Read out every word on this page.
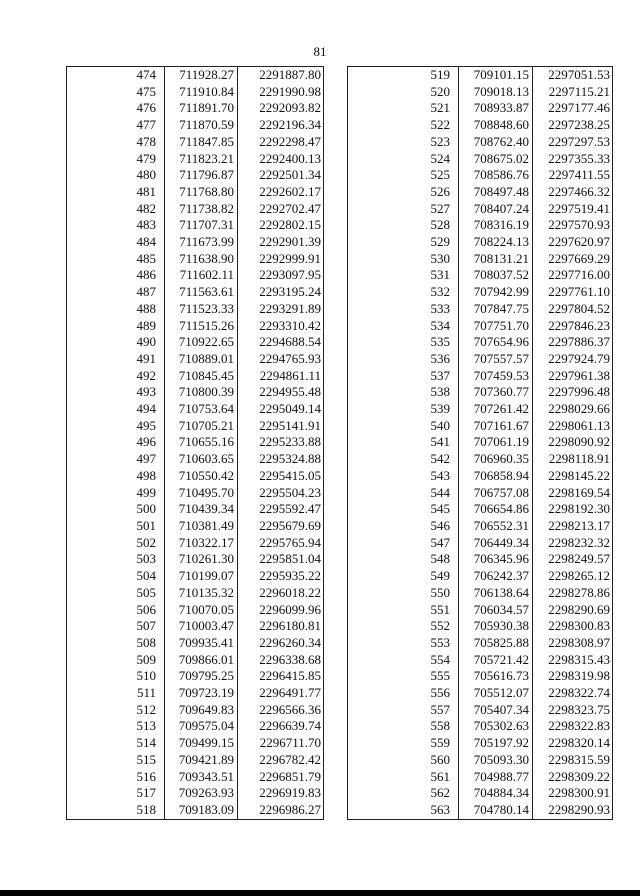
81
474	711928.27	2291887.80
475	711910.84	2291990.98
476	711891.70	2292093.82
477	711870.59	2292196.34
478	711847.85	2292298.47
479	711823.21	2292400.13
480	711796.87	2292501.34
481	711768.80	2292602.17
482	711738.82	2292702.47
483	711707.31	2292802.15
484	711673.99	2292901.39
485	711638.90	2292999.91
486	711602.11	2293097.95
487	711563.61	2293195.24
488	711523.33	2293291.89
489	711515.26	2293310.42
490	710922.65	2294688.54
491	710889.01	2294765.93
492	710845.45	2294861.11
493	710800.39	2294955.48
494	710753.64	2295049.14
495	710705.21	2295141.91
496	710655.16	2295233.88
497	710603.65	2295324.88
498	710550.42	2295415.05
499	710495.70	2295504.23
500	710439.34	2295592.47
501	710381.49	2295679.69
502	710322.17	2295765.94
503	710261.30	2295851.04
504	710199.07	2295935.22
505	710135.32	2296018.22
506	710070.05	2296099.96
507	710003.47	2296180.81
508	709935.41	2296260.34
509	709866.01	2296338.68
510	709795.25	2296415.85
511	709723.19	2296491.77
512	709649.83	2296566.36
513	709575.04	2296639.74
514	709499.15	2296711.70
515	709421.89	2296782.42
516	709343.51	2296851.79
517	709263.93	2296919.83
518	709183.09	2296986.27
519	709101.15	2297051.53
520	709018.13	2297115.21
521	708933.87	2297177.46
522	708848.60	2297238.25
523	708762.40	2297297.53
524	708675.02	2297355.33
525	708586.76	2297411.55
526	708497.48	2297466.32
527	708407.24	2297519.41
528	708316.19	2297570.93
529	708224.13	2297620.97
530	708131.21	2297669.29
531	708037.52	2297716.00
532	707942.99	2297761.10
533	707847.75	2297804.52
534	707751.70	2297846.23
535	707654.96	2297886.37
536	707557.57	2297924.79
537	707459.53	2297961.38
538	707360.77	2297996.48
539	707261.42	2298029.66
540	707161.67	2298061.13
541	707061.19	2298090.92
542	706960.35	2298118.91
543	706858.94	2298145.22
544	706757.08	2298169.54
545	706654.86	2298192.30
546	706552.31	2298213.17
547	706449.34	2298232.32
548	706345.96	2298249.57
549	706242.37	2298265.12
550	706138.64	2298278.86
551	706034.57	2298290.69
552	705930.38	2298300.83
553	705825.88	2298308.97
554	705721.42	2298315.43
555	705616.73	2298319.98
556	705512.07	2298322.74
557	705407.34	2298323.75
558	705302.63	2298322.83
559	705197.92	2298320.14
560	705093.30	2298315.59
561	704988.77	2298309.22
562	704884.34	2298300.91
563	704780.14	2298290.93
